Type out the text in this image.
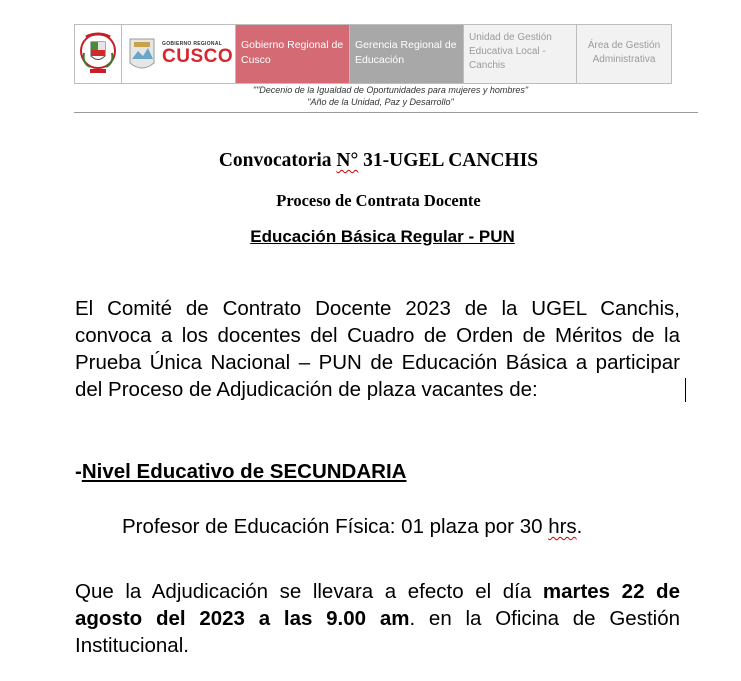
GOBIERNO REGIONAL
CUSCO
Gobierno Regional de Cusco
Gerencia Regional de Educación
Unidad de Gestión Educativa Local - Canchis
Área de Gestión Administrativa
""Decenio de la Igualdad de Oportunidades para mujeres y hombres"
"Año de la Unidad, Paz y Desarrollo"
Convocatoria N° 31-UGEL CANCHIS
Proceso de Contrata Docente
Educación Básica Regular - PUN
El Comité de Contrato Docente 2023 de la UGEL Canchis, convoca a los docentes del Cuadro de Orden de Méritos de la Prueba Única Nacional – PUN de Educación Básica a participar del Proceso de Adjudicación de plaza vacantes de:
-Nivel Educativo de SECUNDARIA
Profesor de Educación Física: 01 plaza por 30 hrs.
Que la Adjudicación se llevara a efecto el día martes 22 de agosto del 2023 a las 9.00 am. en la Oficina de Gestión Institucional.
